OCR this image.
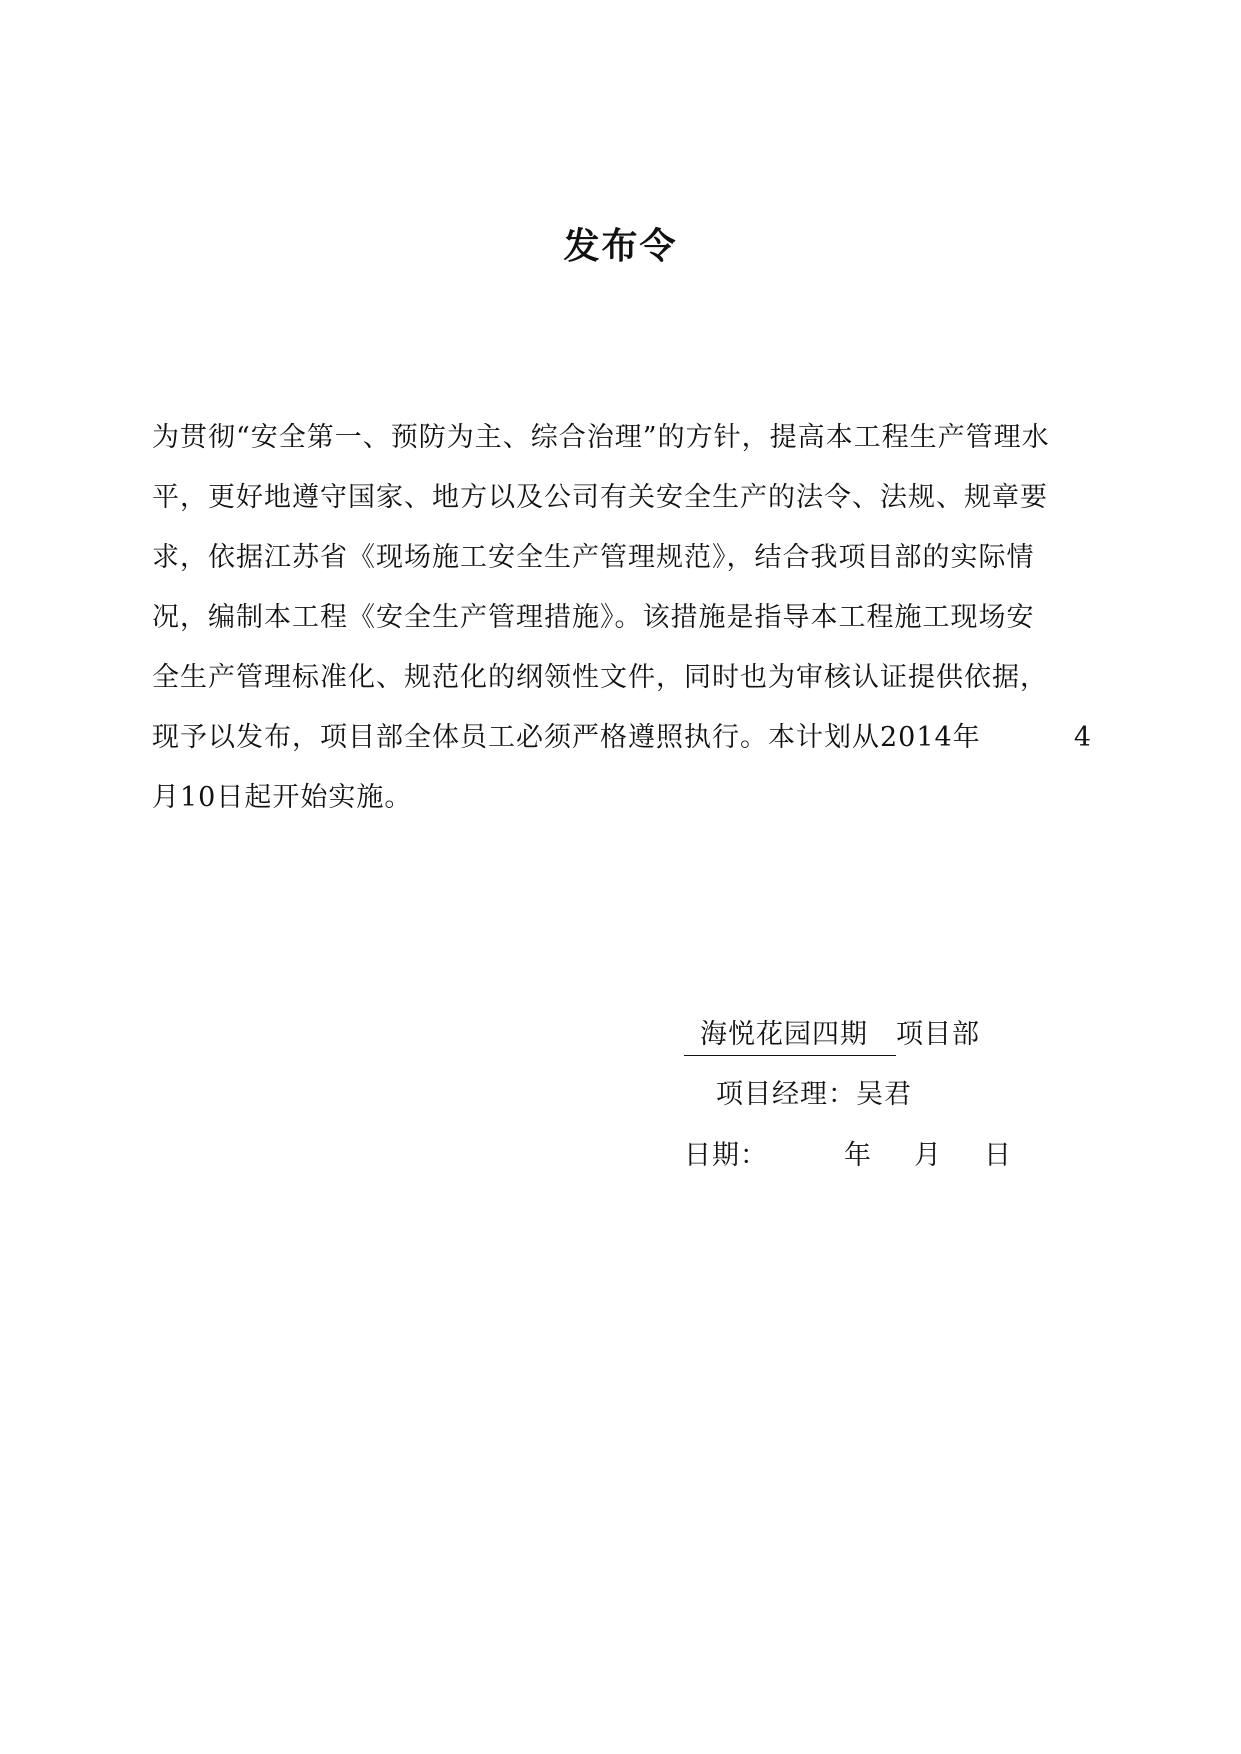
发布令
为贯彻“安全第一、预防为主、综合治理”的方针，提高本工程生产管理水
平，更好地遵守国家、地方以及公司有关安全生产的法令、法规、规章要
求，依据江苏省《现场施工安全生产管理规范》，结合我项目部的实际情
况，编制本工程《安全生产管理措施》。该措施是指导本工程施工现场安
全生产管理标准化、规范化的纲领性文件，同时也为审核认证提供依据，
现予以发布，项目部全体员工必须严格遵照执行。本计划从2014年	4
月10日起开始实施。
海悦花园四期 项目部
项目经理：吴君
日期：	年 月 日
